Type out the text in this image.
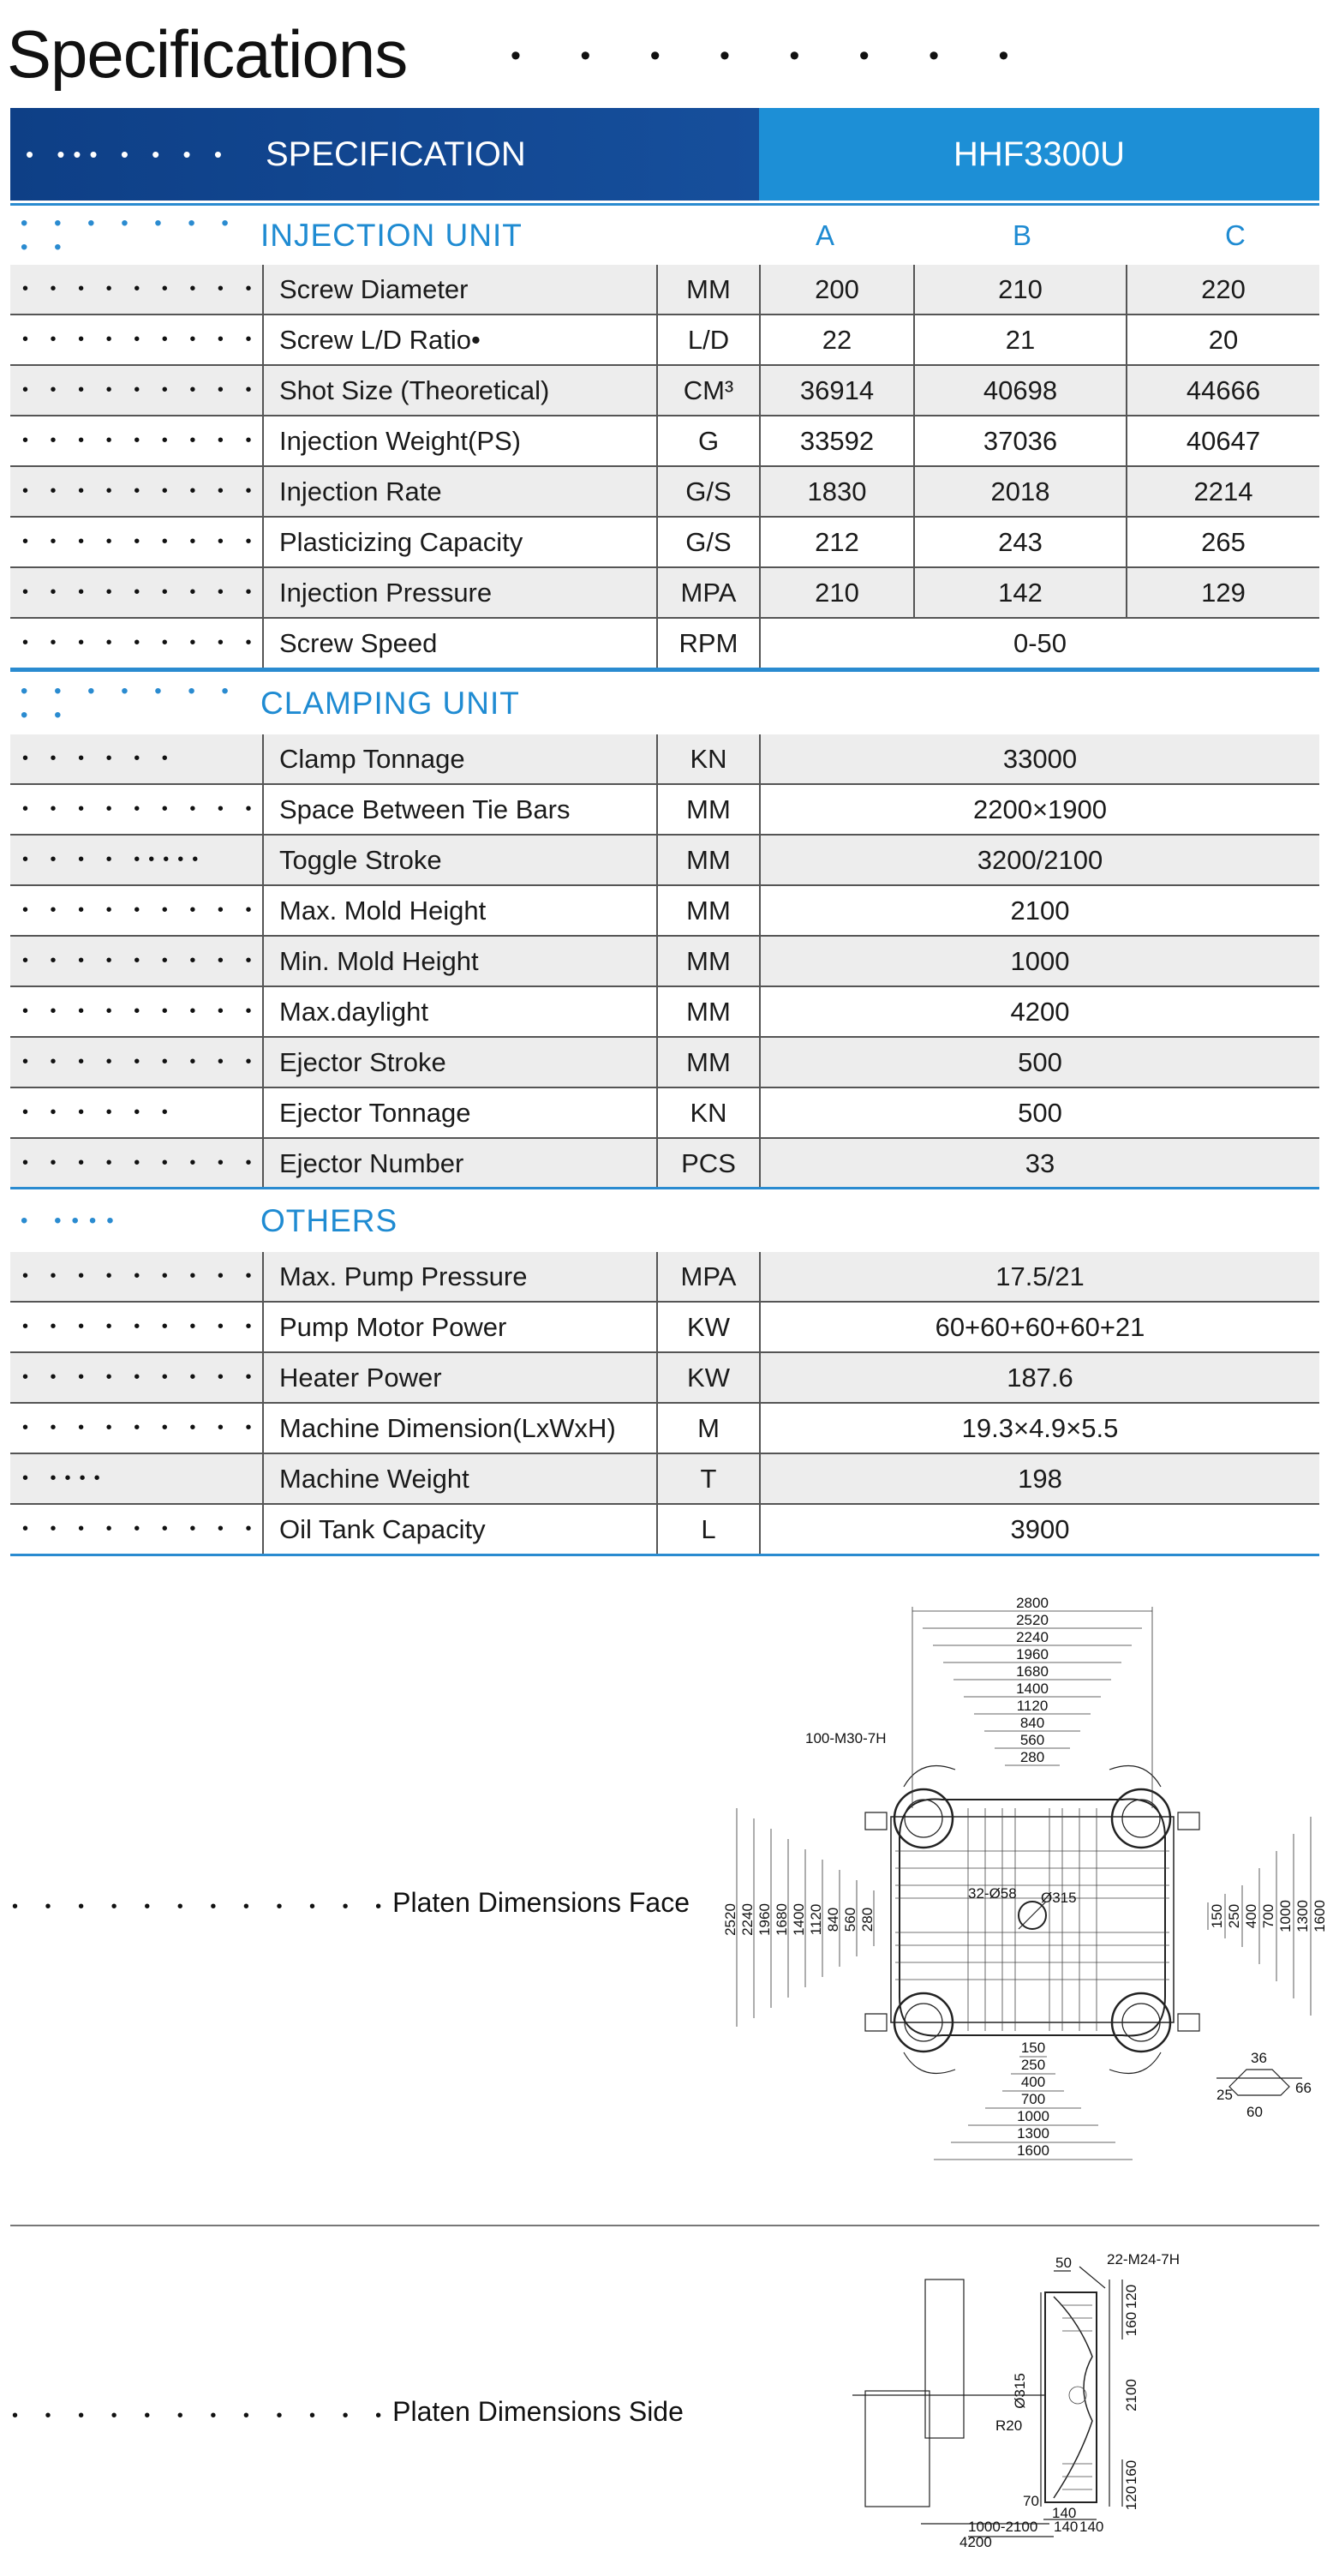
Specifications	• • • • • • • •
• ••• • • • •	SPECIFICATION	HHF3300U
• • • • • • • • •	INJECTION UNIT	A	B	C
• • • • • • • • •	Screw Diameter	MM	200	210	220
• • • • • • • • •	Screw L/D Ratio•	L/D	22	21	20
• • • • • • • • •	Shot Size (Theoretical)	CM³	36914	40698	44666
• • • • • • • • •	Injection Weight(PS)	G	33592	37036	40647
• • • • • • • • •	Injection Rate	G/S	1830	2018	2214
• • • • • • • • •	Plasticizing Capacity	G/S	212	243	265
• • • • • • • • •	Injection Pressure	MPA	210	142	129
• • • • • • • • •	Screw Speed	RPM	0-50		
• • • • • • • • •	CLAMPING UNIT
• • • • • •	Clamp Tonnage	KN	33000
• • • • • • • • •	Space Between Tie Bars	MM	2200×1900
• • • • •••••	Toggle Stroke	MM	3200/2100
• • • • • • • • •	Max. Mold Height	MM	2100
• • • • • • • • •	Min. Mold Height	MM	1000
• • • • • • • • •	Max.daylight	MM	4200
• • • • • • • • •	Ejector Stroke	MM	500
• • • • • •	Ejector Tonnage	KN	500
• • • • • • • • •	Ejector Number	PCS	33
• ••••	OTHERS
• • • • • • • • •	Max. Pump Pressure	MPA	17.5/21
• • • • • • • • •	Pump Motor Power	KW	60+60+60+60+21
• • • • • • • • •	Heater Power	KW	187.6
• • • • • • • • •	Machine Dimension(LxWxH)	M	19.3×4.9×5.5
• ••••	Machine Weight	T	198
• • • • • • • • •	Oil Tank Capacity	L	3900
• • • • • • • • • • • •Platen Dimensions Face
2800
2520
2240
1960
1680
1400
1120
840
560
280
2520 2240 1960 1680 1400 1120 840 560 280	150 250 400 700 1000 1300 1600
150
250
400
700
1000
1300
1600
100-M30-7H
32-Ø58 Ø315
36
25
60
66
• • • • • • • • • • • •Platen Dimensions Side
50 22-M24-7H
120
160
2100
160
120
Ø315
R20
70
140
140 140
1000-2100
4200
